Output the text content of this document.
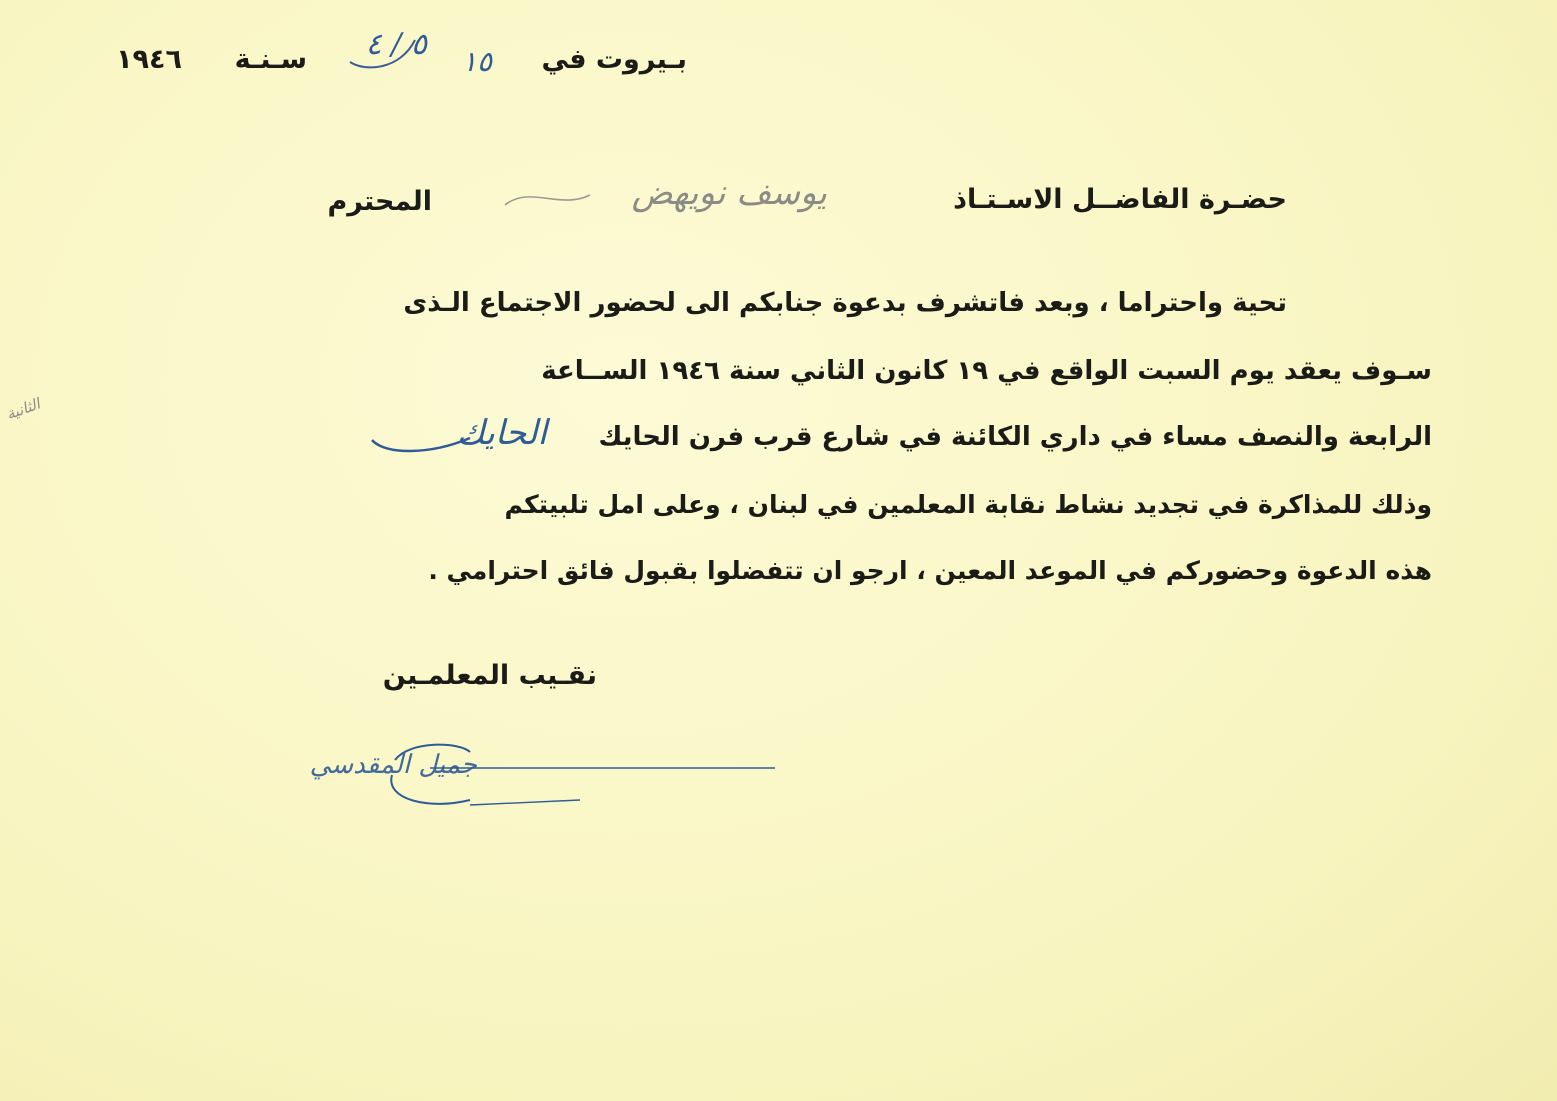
بـيروت في
١٥
٥ / ٤
سـنـة
١٩٤٦
حضـرة الفاضــل الاسـتـاذ
يوسف نويهض
المحترم
تحية واحتراما ، وبعد فاتشرف بدعوة جنابكم الى لحضور الاجتماع الـذى
سـوف يعقد يوم السبت الواقع في ١٩ كانون الثاني سنة ١٩٤٦ الســاعة
الرابعة والنصف مساء في داري الكائنة في شارع قرب فرن الحايك
الحايك
الثانية
وذلك للمذاكرة في تجديد نشاط نقابة المعلمين في لبنان ، وعلى امل تلبيتكم
هذه الدعوة وحضوركم في الموعد المعين ، ارجو ان تتفضلوا بقبول فائق احترامي .
نقـيب المعلمـين
جميل المقدسي
